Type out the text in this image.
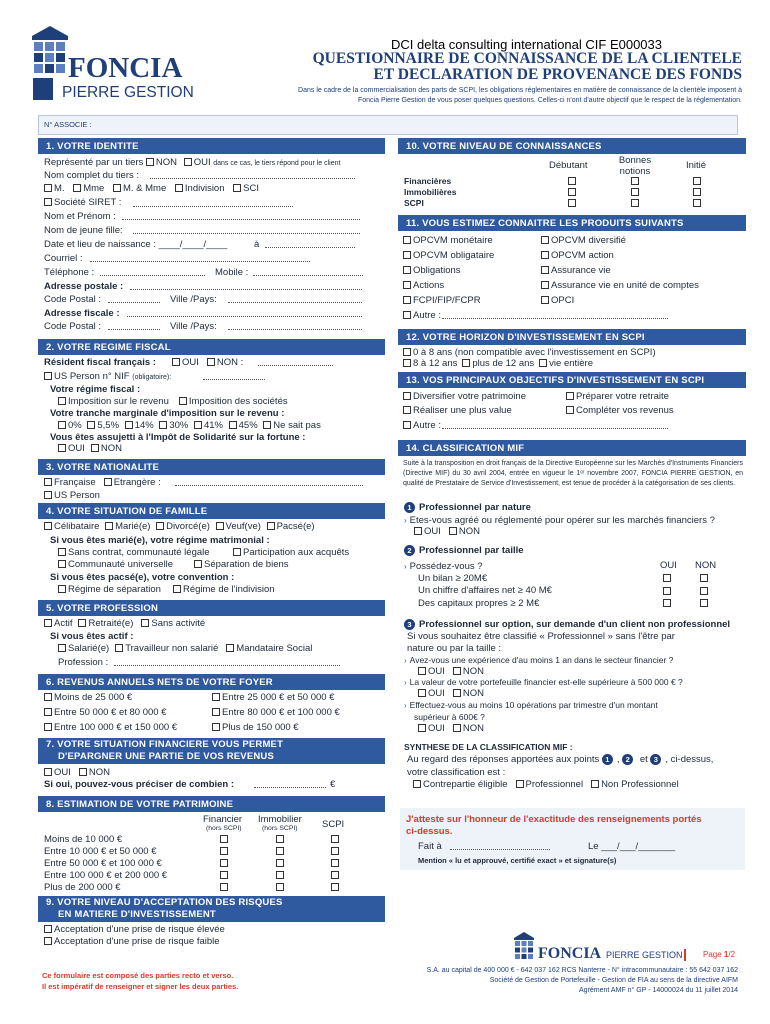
FONCIA
PIERRE GESTION
DCI delta consulting international CIF E000033
QUESTIONNAIRE DE CONNAISSANCE DE LA CLIENTELE
ET DECLARATION DE PROVENANCE DES FONDS
Dans le cadre de la commercialisation des parts de SCPI, les obligations réglementaires en matière de connaissance de la clientèle imposent à
Foncia Pierre Gestion de vous poser quelques questions. Celles-ci n'ont d'autre objectif que le respect de la réglementation.
N° ASSOCIE :
1. VOTRE IDENTITE
Représenté par un tiers NON OUI dans ce cas, le tiers répond pour le client
Nom complet du tiers :
M. Mme M. & Mme Indivision SCI
Société SIRET :
Nom et Prénom :
Nom de jeune fille:
Date et lieu de naissance : ____/____/____	à
Courriel :
Téléphone :	Mobile :
Adresse postale :
Code Postal :	Ville /Pays:
Adresse fiscale :
Code Postal :	Ville /Pays:
2. VOTRE REGIME FISCAL
Résident fiscal français :	OUI NON :
US Person n° NIF (obligatoire):
Votre régime fiscal :
Imposition sur le revenu Imposition des sociétés
Votre tranche marginale d'imposition sur le revenu :
0% 5,5% 14% 30% 41% 45% Ne sait pas
Vous êtes assujetti à l'Impôt de Solidarité sur la fortune :
OUI NON
3. VOTRE NATIONALITE
Française Etrangère :
US Person
4. VOTRE SITUATION DE FAMILLE
Célibataire Marié(e) Divorcé(e) Veuf(ve) Pacsé(e)
Si vous êtes marié(e), votre régime matrimonial :
Sans contrat, communauté légale	Participation aux acquêts
Communauté universelle	Séparation de biens
Si vous êtes pacsé(e), votre convention :
Régime de séparation Régime de l'indivision
5. VOTRE PROFESSION
Actif Retraité(e) Sans activité
Si vous êtes actif :
Salarié(e) Travailleur non salarié Mandataire Social
Profession :
6. REVENUS ANNUELS NETS DE VOTRE FOYER
Moins de 25 000 €	Entre 25 000 € et 50 000 €
Entre 50 000 € et 80 000 €	Entre 80 000 € et 100 000 €
Entre 100 000 € et 150 000 €	Plus de 150 000 €
7. VOTRE SITUATION FINANCIERE VOUS PERMET
D'EPARGNER UNE PARTIE DE VOS REVENUS
OUI NON
Si oui, pouvez-vous préciser de combien :	€
8. ESTIMATION DE VOTRE PATRIMOINE
Financier
(hors SCPI)
Immobilier
(hors SCPI)	SCPI
Moins de 10 000 €
Entre 10 000 € et 50 000 €
Entre 50 000 € et 100 000 €
Entre 100 000 € et 200 000 €
Plus de 200 000 €
9. VOTRE NIVEAU D'ACCEPTATION DES RISQUES
EN MATIERE D'INVESTISSEMENT
Acceptation d'une prise de risque élevée
Acceptation d'une prise de risque faible
Ce formulaire est composé des parties recto et verso.
Il est impératif de renseigner et signer les deux parties.
10. VOTRE NIVEAU DE CONNAISSANCES
Débutant	Bonnes notions
Initié
Financières
Immobilières
SCPI
11. VOUS ESTIMEZ CONNAITRE LES PRODUITS SUIVANTS
OPCVM monétaire
OPCVM obligataire
Obligations
Actions
FCPI/FIP/FCPR
OPCVM diversifié
OPCVM action
Assurance vie
Assurance vie en unité de comptes
OPCI
Autre :
12. VOTRE HORIZON D'INVESTISSEMENT EN SCPI
0 à 8 ans (non compatible avec l'investissement en SCPI)
8 à 12 ans plus de 12 ans vie entière
13. VOS PRINCIPAUX OBJECTIFS D'INVESTISSEMENT EN SCPI
Diversifier votre patrimoine	Préparer votre retraite
Réaliser une plus value	Compléter vos revenus
Autre :
14. CLASSIFICATION MIF
Suite à la transposition en droit français de la Directive Européenne sur les Marchés d'Instruments Financiers (Directive MIF) du 30 avril 2004, entrée en vigueur le 1ᵉʳ novembre 2007, FONCIA PIERRE GESTION, en qualité de Prestataire de Service d'Investissement, est tenue de procéder à la catégorisation de ses clients.
1 Professionnel par nature
› Etes-vous agréé ou réglementé pour opérer sur les marchés financiers ?
OUI NON
2 Professionnel par taille
› Possédez-vous ?	OUI NON
Un bilan ≥ 20M€
Un chiffre d'affaires net ≥ 40 M€
Des capitaux propres ≥ 2 M€
3 Professionnel sur option, sur demande d'un client non professionnel
Si vous souhaitez être classifié « Professionnel » sans l'être par
nature ou par la taille :
› Avez-vous une expérience d'au moins 1 an dans le secteur financier ?
OUI NON
› La valeur de votre portefeuille financier est-elle supérieure à 500 000 € ?
OUI NON
› Effectuez-vous au moins 10 opérations par trimestre d'un montant
supérieur à 600€ ?
OUI NON
SYNTHESE DE LA CLASSIFICATION MIF :
Au regard des réponses apportées aux points 1 , 2 et 3 , ci-dessus,
votre classification est :
Contrepartie éligible Professionnel Non Professionnel
J'atteste sur l'honneur de l'exactitude des renseignements portés
ci-dessus.
Fait à	Le ___/___/_______
Mention « lu et approuvé, certifié exact » et signature(s)
FONCIA PIERRE GESTION	Page 1/2
S.A. au capital de 400 000 € - 642 037 162 RCS Nanterre - N° intracommunautaire : 55 642 037 162
Société de Gestion de Portefeuille - Gestion de FIA au sens de la directive AIFM
Agrément AMF n° GP - 14000024 du 11 juillet 2014
